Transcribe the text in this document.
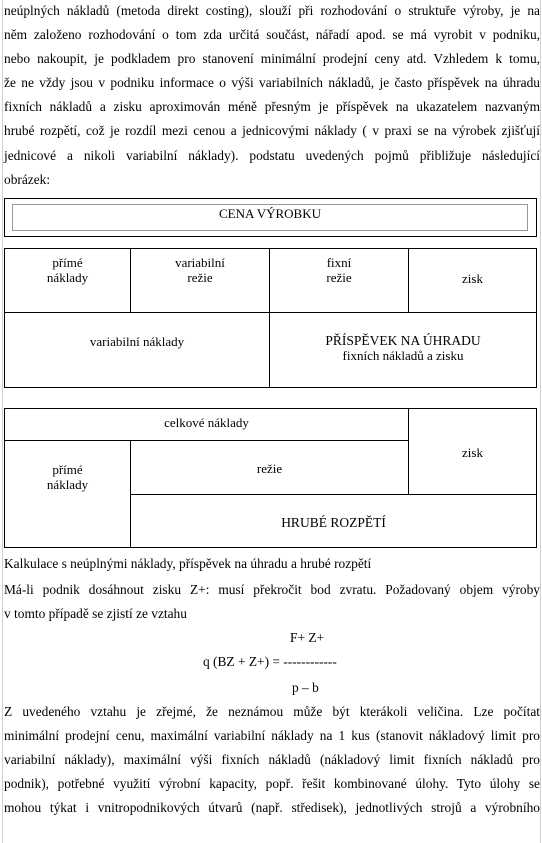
neúplných nákladů (metoda direkt costing), slouží při rozhodování o struktuře výroby, je na
něm založeno rozhodování o tom zda určitá součást, nářadí apod. se má vyrobit v podniku,
nebo nakoupit, je podkladem pro stanovení minimální prodejní ceny atd. Vzhledem k tomu,
že ne vždy jsou v podniku informace o výši variabilních nákladů, je často příspěvek na úhradu
fixních nákladů a zisku aproximován méně přesným je příspěvek na ukazatelem nazvaným
hrubé rozpětí, což je rozdíl mezi cenou a jednicovými náklady ( v praxi se na výrobek zjišťují
jednicové a nikoli variabilní náklady). podstatu uvedených pojmů přibližuje následující
obrázek:
CENA VÝROBKU
přímé
náklady
variabilní
režie
fixní
režie	zisk
variabilní náklady	PŘÍSPĚVEK NA ÚHRADU
fixních nákladů a zisku
celkové náklady
zisk
přímé
náklady
režie
HRUBÉ ROZPĚTÍ
Kalkulace s neúplnými náklady, příspěvek na úhradu a hrubé rozpětí
Má-li podnik dosáhnout zisku Z+: musí překročit bod zvratu. Požadovaný objem výroby
v tomto případě se zjistí ze vztahu
F+ Z+
q (BZ + Z+) = ------------
p – b
Z uvedeného vztahu je zřejmé, že neznámou může být kterákoli veličina. Lze počítat
minimální prodejní cenu, maximální variabilní náklady na 1 kus (stanovit nákladový limit pro
variabilní náklady), maximální výši fixních nákladů (nákladový limit fixních nákladů pro
podnik), potřebné využití výrobní kapacity, popř. řešit kombinované úlohy. Tyto úlohy se
mohou týkat i vnitropodnikových útvarů (např. středisek), jednotlivých strojů a výrobního
